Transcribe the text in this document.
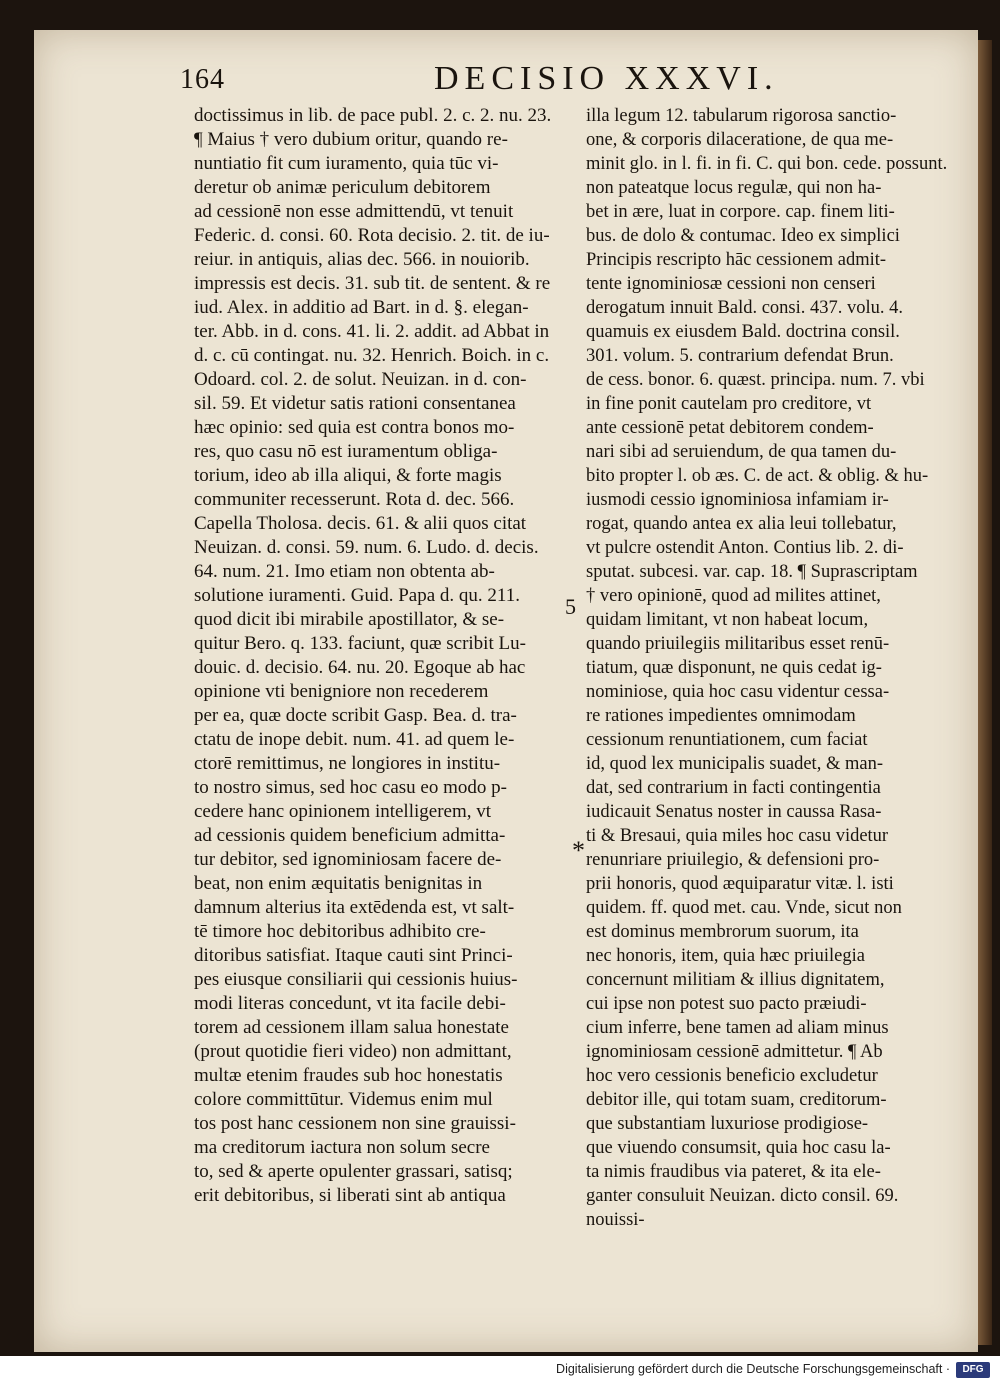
164	DECISIO XXXVI.
doctissimus in lib. de pace publ. 2. c. 2. nu. 23.
¶ Maius † vero dubium oritur, quando re-
nuntiatio fit cum iuramento, quia tūc vi-
deretur ob animæ periculum debitorem
ad cessionē non esse admittendū, vt tenuit
Federic. d. consi. 60. Rota decisio. 2. tit. de iu-
reiur. in antiquis, alias dec. 566. in nouiorib.
impressis est decis. 31. sub tit. de sentent. & re
iud. Alex. in additio ad Bart. in d. §. elegan-
ter. Abb. in d. cons. 41. li. 2. addit. ad Abbat in
d. c. cū contingat. nu. 32. Henrich. Boich. in c.
Odoard. col. 2. de solut. Neuizan. in d. con-
sil. 59. Et videtur satis rationi consentanea
hæc opinio: sed quia est contra bonos mo-
res, quo casu nō est iuramentum obliga-
torium, ideo ab illa aliqui, & forte magis
communiter recesserunt. Rota d. dec. 566.
Capella Tholosa. decis. 61. & alii quos citat
Neuizan. d. consi. 59. num. 6. Ludo. d. decis.
64. num. 21. Imo etiam non obtenta ab-
solutione iuramenti. Guid. Papa d. qu. 211.
quod dicit ibi mirabile apostillator, & se-
quitur Bero. q. 133. faciunt, quæ scribit Lu-
douic. d. decisio. 64. nu. 20. Egoque ab hac
opinione vti benigniore non recederem
per ea, quæ docte scribit Gasp. Bea. d. tra-
ctatu de inope debit. num. 41. ad quem le-
ctorē remittimus, ne longiores in institu-
to nostro simus, sed hoc casu eo modo p-
cedere hanc opinionem intelligerem, vt
ad cessionis quidem beneficium admitta-
tur debitor, sed ignominiosam facere de-
beat, non enim æquitatis benignitas in
damnum alterius ita extēdenda est, vt salt-
tē timore hoc debitoribus adhibito cre-
ditoribus satisfiat. Itaque cauti sint Princi-
pes eiusque consiliarii qui cessionis huius-
modi literas concedunt, vt ita facile debi-
torem ad cessionem illam salua honestate
(prout quotidie fieri video) non admittant,
multæ etenim fraudes sub hoc honestatis
colore committūtur. Videmus enim mul
tos post hanc cessionem non sine grauissi-
ma creditorum iactura non solum secre
to, sed & aperte opulenter grassari, satisq;
erit debitoribus, si liberati sint ab antiqua
illa legum 12. tabularum rigorosa sanctio-
one, & corporis dilaceratione, de qua me-
minit glo. in l. fi. in fi. C. qui bon. cede. possunt.
non pateatque locus regulæ, qui non ha-
bet in ære, luat in corpore. cap. finem liti-
bus. de dolo & contumac. Ideo ex simplici
Principis rescripto hāc cessionem admit-
tente ignominiosæ cessioni non censeri
derogatum innuit Bald. consi. 437. volu. 4.
quamuis ex eiusdem Bald. doctrina consil.
301. volum. 5. contrarium defendat Brun.
de cess. bonor. 6. quæst. principa. num. 7. vbi
in fine ponit cautelam pro creditore, vt
ante cessionē petat debitorem condem-
nari sibi ad seruiendum, de qua tamen du-
bito propter l. ob æs. C. de act. & oblig. & hu-
iusmodi cessio ignominiosa infamiam ir-
rogat, quando antea ex alia leui tollebatur,
vt pulcre ostendit Anton. Contius lib. 2. di-
sputat. subcesi. var. cap. 18. ¶ Suprascriptam
† vero opinionē, quod ad milites attinet,
quidam limitant, vt non habeat locum,
quando priuilegiis militaribus esset renū-
tiatum, quæ disponunt, ne quis cedat ig-
nominiose, quia hoc casu videntur cessa-
re rationes impedientes omnimodam
cessionum renuntiationem, cum faciat
id, quod lex municipalis suadet, & man-
dat, sed contrarium in facti contingentia
iudicauit Senatus noster in caussa Rasa-
ti & Bresaui, quia miles hoc casu videtur
renunriare priuilegio, & defensioni pro-
prii honoris, quod æquiparatur vitæ. l. isti
quidem. ff. quod met. cau. Vnde, sicut non
est dominus membrorum suorum, ita
nec honoris, item, quia hæc priuilegia
concernunt militiam & illius dignitatem,
cui ipse non potest suo pacto præiudi-
cium inferre, bene tamen ad aliam minus
ignominiosam cessionē admittetur. ¶ Ab
hoc vero cessionis beneficio excludetur
debitor ille, qui totam suam, creditorum-
que substantiam luxuriose prodigiose-
que viuendo consumsit, quia hoc casu la-
ta nimis fraudibus via pateret, & ita ele-
ganter consuluit Neuizan. dicto consil. 69.
nouissi-
5
*
Digitalisierung gefördert durch die Deutsche Forschungsgemeinschaft ·	DFG
